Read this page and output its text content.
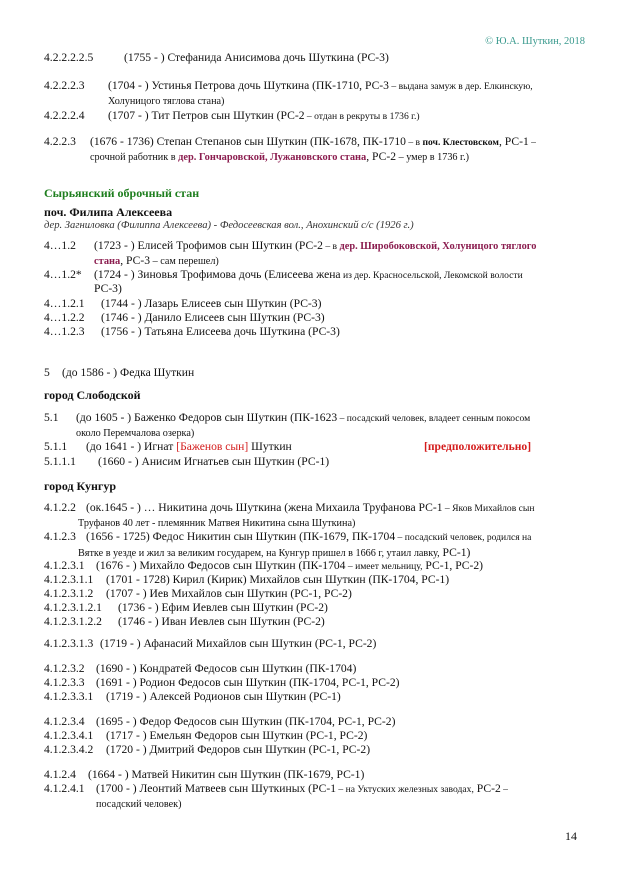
© Ю.А. Шуткин, 2018
4.2.2.2.2.5	(1755 - ) Стефанида Анисимова дочь Шуткина (РС-3)
4.2.2.2.3 (1704 - ) Устинья Петрова дочь Шуткина (ПК-1710, РС-3 – выдана замуж в дер. Елкинскую,
Холуницого тяглова стана)
4.2.2.2.4 (1707 - ) Тит Петров сын Шуткин (РС-2 – отдан в рекруты в 1736 г.)
4.2.2.3 (1676 - 1736) Степан Степанов сын Шуткин (ПК-1678, ПК-1710 – в поч. Клестовском, РС-1 –
срочной работник в дер. Гончаровской, Лужановского стана, РС-2 – умер в 1736 г.)
Сырьянский оброчный стан
поч. Филипа Алексеева
дер. Загниловка (Филиппа Алексеева) - Федосеевская вол., Анохинский с/с (1926 г.)
4…1.2 (1723 - ) Елисей Трофимов сын Шуткин (РС-2 – в дер. Широбоковской, Холуницого тяглого
стана, РС-3 – сам перешел)
4…1.2* (1724 - ) Зиновья Трофимова дочь (Елисеева жена из дер. Красносельской, Лекомской волости
РС-3)
4…1.2.1 (1744 - ) Лазарь Елисеев сын Шуткин (РС-3)
4…1.2.2 (1746 - ) Данило Елисеев сын Шуткин (РС-3)
4…1.2.3 (1756 - ) Татьяна Елисеева дочь Шуткина (РС-3)
5 (до 1586 - ) Федка Шуткин
город Слободской
5.1 (до 1605 - ) Баженко Федоров сын Шуткин (ПК-1623 – посадский человек, владеет сенным покосом
около Перемчалова озерка)
5.1.1 (до 1641 - ) Игнат [Баженов сын] Шуткин	[предположительно]
5.1.1.1 (1660 - ) Анисим Игнатьев сын Шуткин (РС-1)
город Кунгур
4.1.2.2 (ок.1645 - ) … Никитина дочь Шуткина (жена Михаила Труфанова РС-1 – Яков Михайлов сын
Труфанов 40 лет - племянник Матвея Никитина сына Шуткина)
4.1.2.3 (1656 - 1725) Федос Никитин сын Шуткин (ПК-1679, ПК-1704 – посадский человек, родился на
Вятке в уезде и жил за великим государем, на Кунгур пришел в 1666 г, утаил лавку, РС-1)
4.1.2.3.1 (1676 - ) Михайло Федосов сын Шуткин (ПК-1704 – имеет мельницу, РС-1, РС-2)
4.1.2.3.1.1 (1701 - 1728) Кирил (Кирик) Михайлов сын Шуткин (ПК-1704, РС-1)
4.1.2.3.1.2 (1707 - ) Иев Михайлов сын Шуткин (РС-1, РС-2)
4.1.2.3.1.2.1 (1736 - ) Ефим Иевлев сын Шуткин (РС-2)
4.1.2.3.1.2.2 (1746 - ) Иван Иевлев сын Шуткин (РС-2)
4.1.2.3.1.3 (1719 - ) Афанасий Михайлов сын Шуткин (РС-1, РС-2)
4.1.2.3.2 (1690 - ) Кондратей Федосов сын Шуткин (ПК-1704)
4.1.2.3.3 (1691 - ) Родион Федосов сын Шуткин (ПК-1704, РС-1, РС-2)
4.1.2.3.3.1 (1719 - ) Алексей Родионов сын Шуткин (РС-1)
4.1.2.3.4 (1695 - ) Федор Федосов сын Шуткин (ПК-1704, РС-1, РС-2)
4.1.2.3.4.1 (1717 - ) Емельян Федоров сын Шуткин (РС-1, РС-2)
4.1.2.3.4.2 (1720 - ) Дмитрий Федоров сын Шуткин (РС-1, РС-2)
4.1.2.4 (1664 - ) Матвей Никитин сын Шуткин (ПК-1679, РС-1)
4.1.2.4.1 (1700 - ) Леонтий Матвеев сын Шуткиных (РС-1 – на Уктуских железных заводах, РС-2 –
посадский человек)
14
